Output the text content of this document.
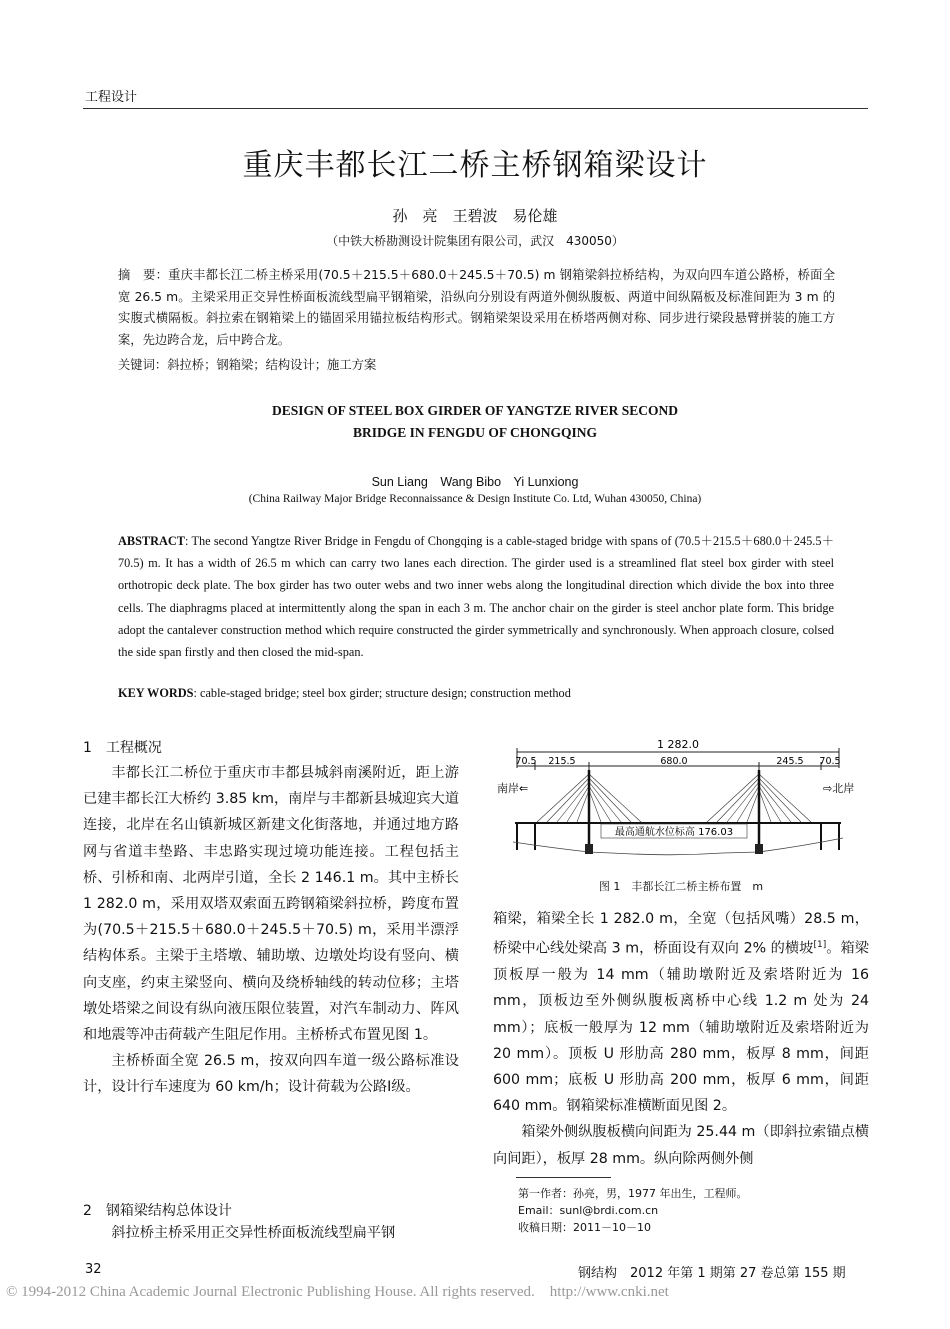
工程设计
重庆丰都长江二桥主桥钢箱梁设计
孙　亮　王碧波　易伦雄
（中铁大桥勘测设计院集团有限公司，武汉　430050）
摘　要：重庆丰都长江二桥主桥采用(70.5＋215.5＋680.0＋245.5＋70.5) m 钢箱梁斜拉桥结构，为双向四车道公路桥，桥面全宽 26.5 m。主梁采用正交异性桥面板流线型扁平钢箱梁，沿纵向分别设有两道外侧纵腹板、两道中间纵隔板及标准间距为 3 m 的实腹式横隔板。斜拉索在钢箱梁上的锚固采用锚拉板结构形式。钢箱梁架设采用在桥塔两侧对称、同步进行梁段悬臂拼装的施工方案，先边跨合龙，后中跨合龙。
关键词：斜拉桥；钢箱梁；结构设计；施工方案
DESIGN OF STEEL BOX GIRDER OF YANGTZE RIVER SECOND
BRIDGE IN FENGDU OF CHONGQING
Sun Liang　Wang Bibo　Yi Lunxiong
(China Railway Major Bridge Reconnaissance & Design Institute Co. Ltd, Wuhan 430050, China)
ABSTRACT: The second Yangtze River Bridge in Fengdu of Chongqing is a cable-staged bridge with spans of (70.5＋215.5＋680.0＋245.5＋70.5) m. It has a width of 26.5 m which can carry two lanes each direction. The girder used is a streamlined flat steel box girder with steel orthotropic deck plate. The box girder has two outer webs and two inner webs along the longitudinal direction which divide the box into three cells. The diaphragms placed at intermittently along the span in each 3 m. The anchor chair on the girder is steel anchor plate form. This bridge adopt the cantalever construction method which require constructed the girder symmetrically and synchronously. When approach closure, colsed the side span firstly and then closed the mid-span.
KEY WORDS: cable-staged bridge; steel box girder; structure design; construction method
1　工程概况

丰都长江二桥位于重庆市丰都县城斜南溪附近，距上游已建丰都长江大桥约 3.85 km，南岸与丰都新县城迎宾大道连接，北岸在名山镇新城区新建文化街落地，并通过地方路网与省道丰垫路、丰忠路实现过境功能连接。工程包括主桥、引桥和南、北两岸引道，全长 2 146.1 m。其中主桥长 1 282.0 m，采用双塔双索面五跨钢箱梁斜拉桥，跨度布置为(70.5＋215.5＋680.0＋245.5＋70.5) m，采用半漂浮结构体系。主梁于主塔墩、辅助墩、边墩处均设有竖向、横向支座，约束主梁竖向、横向及绕桥轴线的转动位移；主塔墩处塔梁之间设有纵向液压限位装置，对汽车制动力、阵风和地震等冲击荷载产生阻尼作用。主桥桥式布置见图 1。

主桥桥面全宽 26.5 m，按双向四车道一级公路标准设计，设计行车速度为 60 km/h；设计荷载为公路Ⅰ级。

2　钢箱梁结构总体设计

斜拉桥主桥采用正交异性桥面板流线型扁平钢

1 282.0
70.5 215.5	680.0	245.5 70.5
南岸⇐	⇨北岸
最高通航水位标高 176.03
图 1　丰都长江二桥主桥布置　m

箱梁，箱梁全长 1 282.0 m，全宽（包括风嘴）28.5 m，桥梁中心线处梁高 3 m，桥面设有双向 2% 的横坡[1]。箱梁顶板厚一般为 14 mm（辅助墩附近及索塔附近为 16 mm，顶板边至外侧纵腹板离桥中心线 1.2 m 处为 24 mm）；底板一般厚为 12 mm（辅助墩附近及索塔附近为 20 mm）。顶板 U 形肋高 280 mm，板厚 8 mm，间距 600 mm；底板 U 形肋高 200 mm，板厚 6 mm，间距 640 mm。钢箱梁标准横断面见图 2。

箱梁外侧纵腹板横向间距为 25.44 m（即斜拉索锚点横向间距），板厚 28 mm。纵向除两侧外侧

第一作者：孙亮，男，1977 年出生，工程师。
Email：sunl@brdi.com.cn
收稿日期：2011－10－10
32	钢结构　2012 年第 1 期第 27 卷总第 155 期
© 1994-2012 China Academic Journal Electronic Publishing House. All rights reserved.　http://www.cnki.net
